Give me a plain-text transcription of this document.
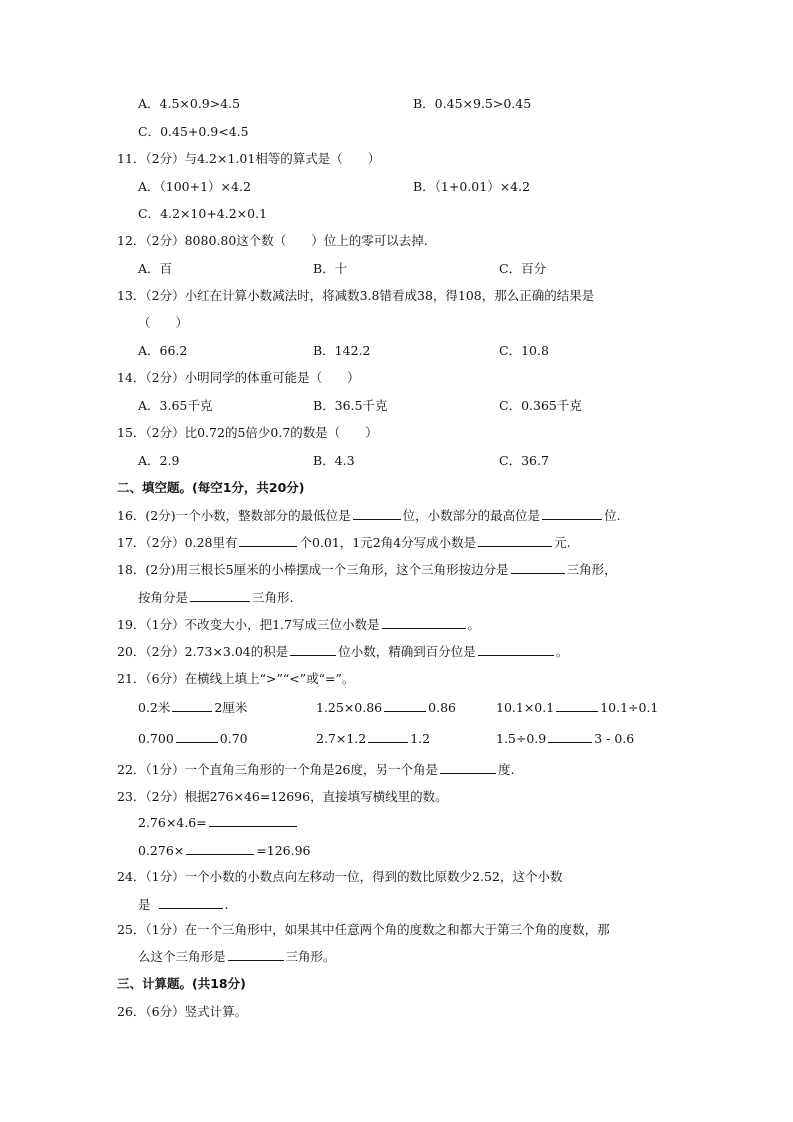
A．4.5×0.9>4.5	B．0.45×9.5>0.45
C．0.45+0.9<4.5
11．（2分）与4.2×1.01相等的算式是（　　）
A．（100+1）×4.2	B．（1+0.01）×4.2
C．4.2×10+4.2×0.1
12．（2分）8080.80这个数（　　）位上的零可以去掉.
A．百	B．十	C．百分
13．（2分）小红在计算小数减法时，将减数3.8错看成38，得108，那么正确的结果是
（　　）
A．66.2	B．142.2	C．10.8
14．（2分）小明同学的体重可能是（　　）
A．3.65千克	B．36.5千克	C．0.365千克
15．（2分）比0.72的5倍少0.7的数是（　　）
A．2.9	B．4.3	C．36.7
二、填空题。(每空1分，共20分)
16．(2分)一个小数，整数部分的最低位是	位，小数部分的最高位是	位.
17．（2分）0.28里有	个0.01，1元2角4分写成小数是	元.
18．(2分)用三根长5厘米的小棒摆成一个三角形，这个三角形按边分是	三角形，
按角分是	三角形.
19．（1分）不改变大小，把1.7写成三位小数是	。
20．（2分）2.73×3.04的积是	位小数，精确到百分位是	。
21．（6分）在横线上填上“>”“<”或“=”。
0.2米	2厘米	1.25×0.86	0.86	10.1×0.1	10.1÷0.1
0.700	0.70	2.7×1.2	1.2	1.5÷0.9	3 - 0.6
22．（1分）一个直角三角形的一个角是26度，另一个角是	度.
23．（2分）根据276×46=12696，直接填写横线里的数。
2.76×4.6=
0.276×	=126.96
24．（1分）一个小数的小数点向左移动一位，得到的数比原数少2.52，这个小数
是	.
25．（1分）在一个三角形中，如果其中任意两个角的度数之和都大于第三个角的度数，那
么这个三角形是	三角形。
三、计算题。(共18分)
26．（6分）竖式计算。
